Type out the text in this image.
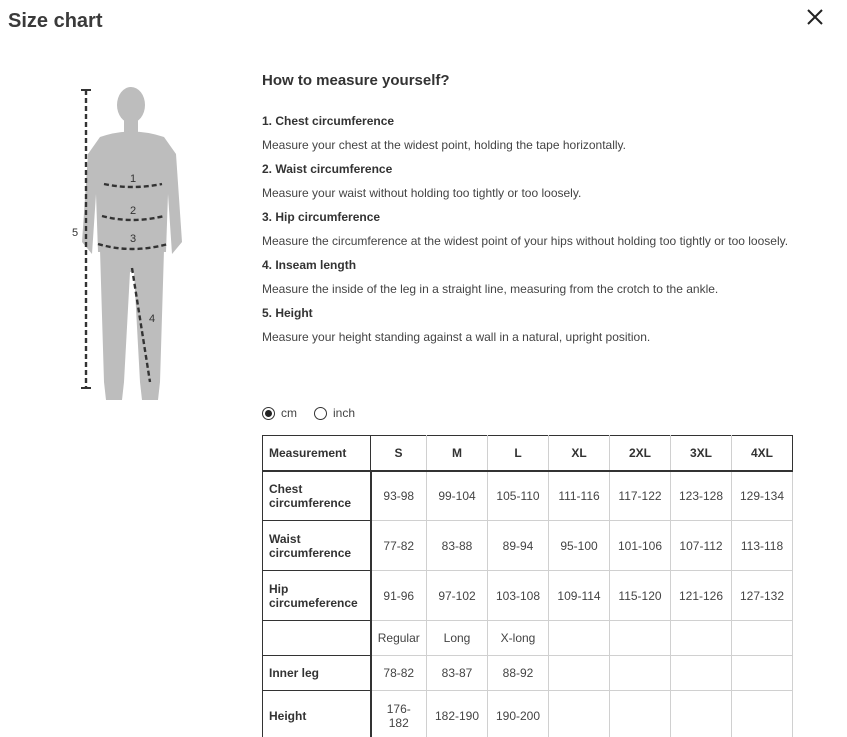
Size chart
1
2
3
4
5
How to measure yourself?
1. Chest circumference
Measure your chest at the widest point, holding the tape horizontally.
2. Waist circumference
Measure your waist without holding too tightly or too loosely.
3. Hip circumference
Measure the circumference at the widest point of your hips without holding too tightly or too loosely.
4. Inseam length
Measure the inside of the leg in a straight line, measuring from the crotch to the ankle.
5. Height
Measure your height standing against a wall in a natural, upright position.
cm	inch
Measurement	S	M	L	XL	2XL	3XL	4XL
Chest circumference	93-98	99-104	105-110	111-116	117-122	123-128	129-134
Waist circumference	77-82	83-88	89-94	95-100	101-106	107-112	113-118
Hip circumeference	91-96	97-102	103-108	109-114	115-120	121-126	127-132
	Regular	Long	X-long				
Inner leg	78-82	83-87	88-92				
Height	176-182	182-190	190-200				
